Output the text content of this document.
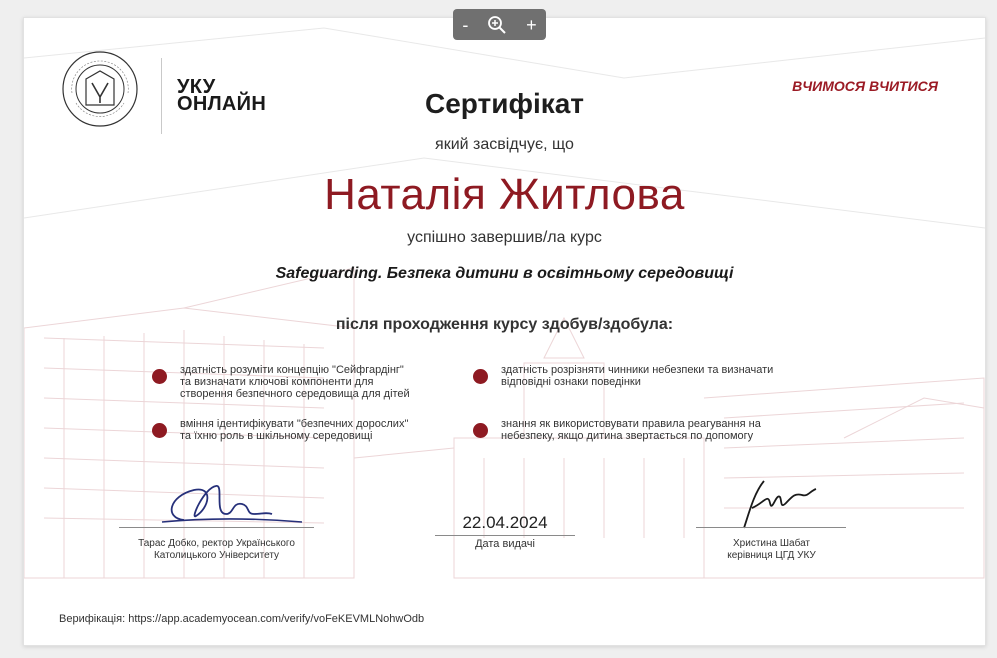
УКУ
ОНЛАЙН
ВЧИМОСЯ ВЧИТИСЯ
Сертифікат
який засвідчує, що
Наталія Житлова
успішно завершив/ла курс
Safeguarding. Безпека дитини в освітньому середовищі
після проходження курсу здобув/здобула:
здатність розуміти концепцію "Сейфгардінг"
та визначати ключові компоненти для
створення безпечного середовища для дітей
вміння ідентифікувати "безпечних дорослих"
та їхню роль в шкільному середовищі
здатність розрізняти чинники небезпеки та визначати
відповідні ознаки поведінки
знання як використовувати правила реагування на
небезпеку, якщо дитина звертається по допомогу
Тарас Добко, ректор Українського
Католицького Університету
22.04.2024
Дата видачі	Христина Шабат
керівниця ЦГД УКУ
Верифікація: https://app.academyocean.com/verify/voFeKEVMLNohwOdb
-	+
